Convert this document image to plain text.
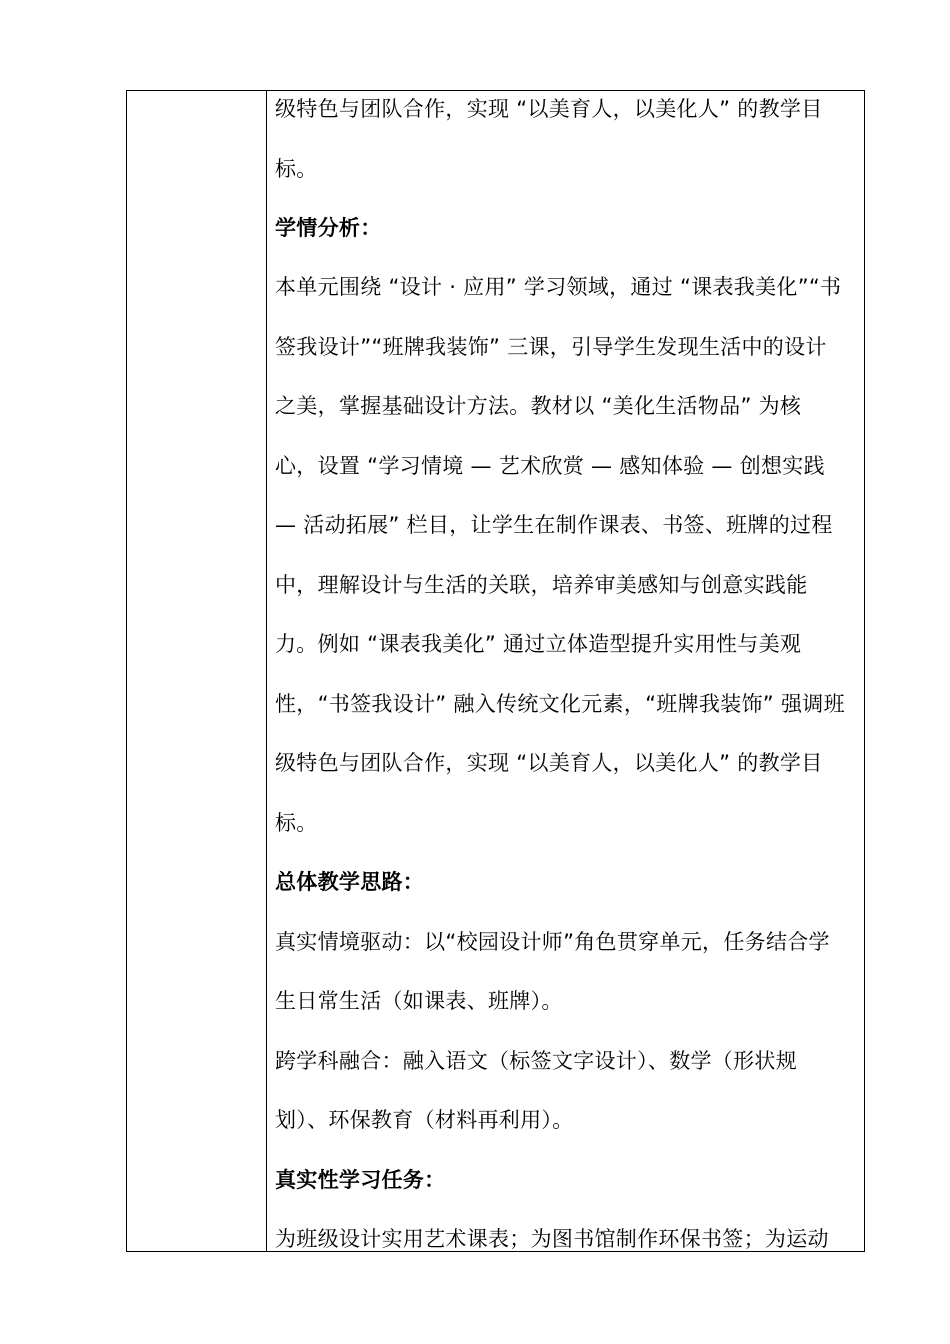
级特色与团队合作，实现 “以美育人，以美化人” 的教学目
标。
学情分析：
本单元围绕 “设计 · 应用” 学习领域，通过 “课表我美化”“书
签我设计”“班牌我装饰” 三课，引导学生发现生活中的设计
之美，掌握基础设计方法。教材以 “美化生活物品” 为核
心，设置 “学习情境 — 艺术欣赏 — 感知体验 — 创想实践
— 活动拓展” 栏目，让学生在制作课表、书签、班牌的过程
中，理解设计与生活的关联，培养审美感知与创意实践能
力。例如 “课表我美化” 通过立体造型提升实用性与美观
性，“书签我设计” 融入传统文化元素，“班牌我装饰” 强调班
级特色与团队合作，实现 “以美育人，以美化人” 的教学目
标。
总体教学思路：
真实情境驱动：以“校园设计师”角色贯穿单元，任务结合学
生日常生活（如课表、班牌）。
跨学科融合：融入语文（标签文字设计）、数学（形状规
划）、环保教育（材料再利用）。
真实性学习任务：
为班级设计实用艺术课表；为图书馆制作环保书签；为运动
